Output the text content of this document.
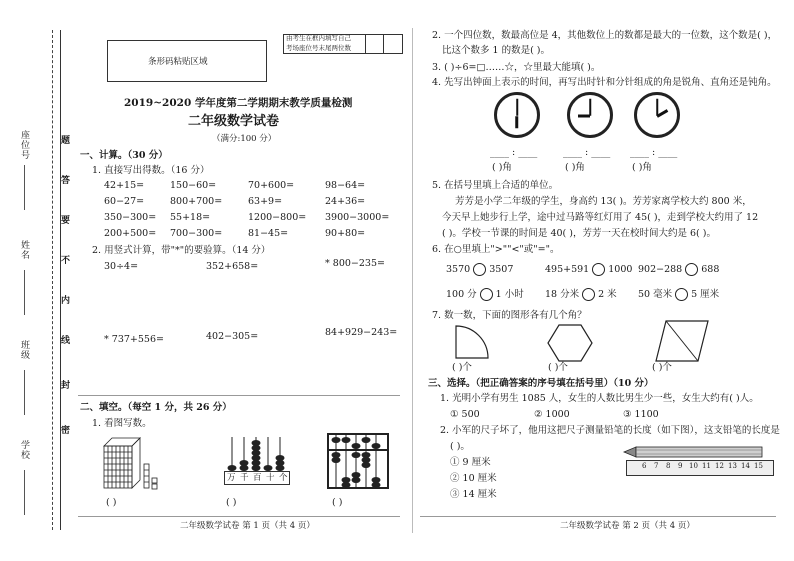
座位号
姓名
班级
学校
题
答
要
不
内
线
封
密
条形码粘贴区域
由考生在框内填写自己
考场座位号末尾两位数
2019~2020 学年度第二学期期末教学质量检测
二年级数学试卷
（满分:100 分）
一、计算。（30 分）
1. 直接写出得数。（16 分）
42+15=	150−60=	70+600=	98−64=
60−27=	800+700=	63+9=	24+36=
350−300= 55+18=	1200−800= 3900−3000=
200+500= 700−300=	81−45=	90+80=
2. 用竖式计算，带"*"的要验算。（14 分）
30÷4=	352+658=	* 800−235=
* 737+556=	402−305=	84+929−243=
二、填空。（每空 1 分，共 26 分）
1. 看图写数。
( )
万 千 百 十 个
( )	( )
二年级数学试卷 第 1 页（共 4 页）
2. 一个四位数，数最高位是 4，其他数位上的数都是最大的一位数，这个数是( )，
比这个数多 1 的数是( )。
3. ( )÷6=□……☆，☆里最大能填( )。
4. 先写出钟面上表示的时间，再写出时针和分针组成的角是锐角、直角还是钝角。
____ : ____	____ : ____ ____ : ____
( )角	( )角	( )角
5. 在括号里填上合适的单位。
芳芳是小学二年级的学生，身高约 13( )。芳芳家离学校大约 800 米，
今天早上她步行上学，途中过马路等红灯用了 45( )，走到学校大约用了 12
( )。学校一节课的时间是 40( )，芳芳一天在校时间大约是 6( )。
6. 在○里填上">""<"或"="。
3570 3507	495+591 1000 902−288 688
100 分 1 小时 18 分米 2 米 50 毫米 5 厘米
7. 数一数，下面的图形各有几个角？
( )个	( )个	( )个
三、选择。（把正确答案的序号填在括号里）（10 分）
1. 光明小学有男生 1085 人，女生的人数比男生少一些，女生大约有( )人。
① 500	② 1000	③ 1100
2. 小军的尺子坏了，他用这把尺子测量铅笔的长度（如下图），这支铅笔的长度是
( )。
① 9 厘米
② 10 厘米
③ 14 厘米
6 7 8 9 10 11 12 13 14 15
二年级数学试卷 第 2 页（共 4 页）
